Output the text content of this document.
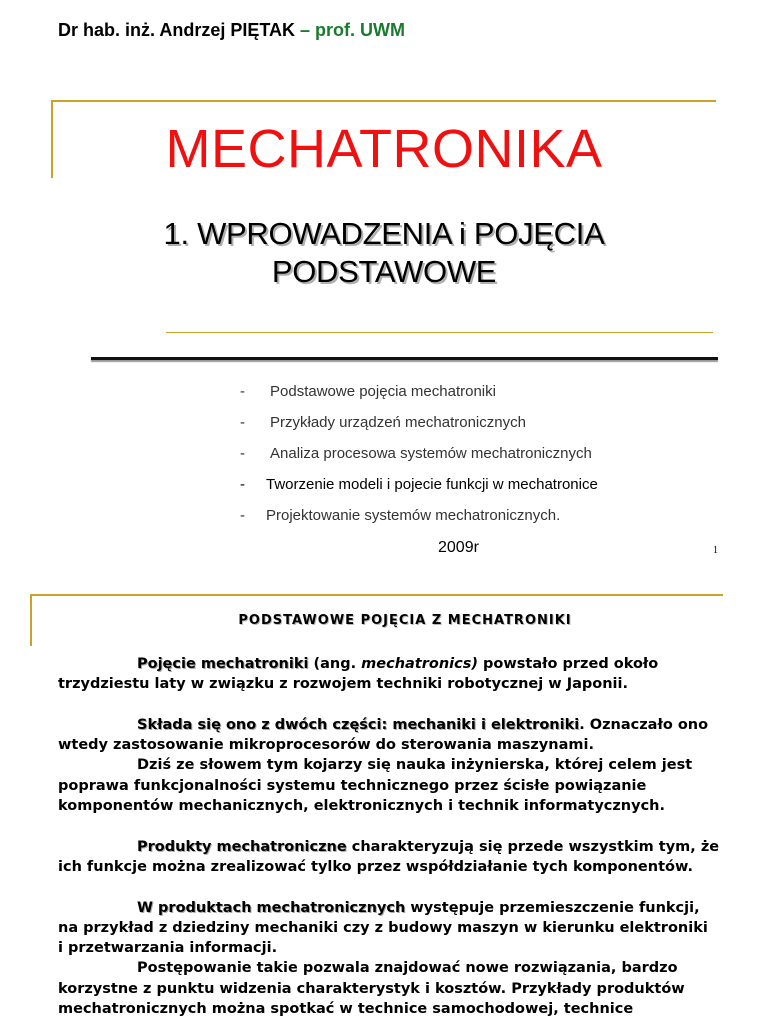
Dr hab. inż. Andrzej PIĘTAK – prof. UWM
MECHATRONIKA
1. WPROWADZENIA i POJĘCIA
PODSTAWOWE
- Podstawowe pojęcia mechatroniki
- Przykłady urządzeń mechatronicznych
- Analiza procesowa systemów mechatronicznych
- Tworzenie modeli i pojecie funkcji w mechatronice
- Projektowanie systemów mechatronicznych.
2009r	1
PODSTAWOWE POJĘCIA Z MECHATRONIKI

Pojęcie mechatroniki (ang. mechatronics) powstało przed około

trzydziestu laty w związku z rozwojem techniki robotycznej w Japonii.

Składa się ono z dwóch części: mechaniki i elektroniki. Oznaczało ono

wtedy zastosowanie mikroprocesorów do sterowania maszynami.

Dziś ze słowem tym kojarzy się nauka inżynierska, której celem jest

poprawa funkcjonalności systemu technicznego przez ścisłe powiązanie

komponentów mechanicznych, elektronicznych i technik informatycznych.

Produkty mechatroniczne charakteryzują się przede wszystkim tym, że

ich funkcje można zrealizować tylko przez współdziałanie tych komponentów.

W produktach mechatronicznych występuje przemieszczenie funkcji,

na przykład z dziedziny mechaniki czy z budowy maszyn w kierunku elektroniki

i przetwarzania informacji.

Postępowanie takie pozwala znajdować nowe rozwiązania, bardzo

korzystne z punktu widzenia charakterystyk i kosztów. Przykłady produktów

mechatronicznych można spotkać w technice samochodowej, technice
